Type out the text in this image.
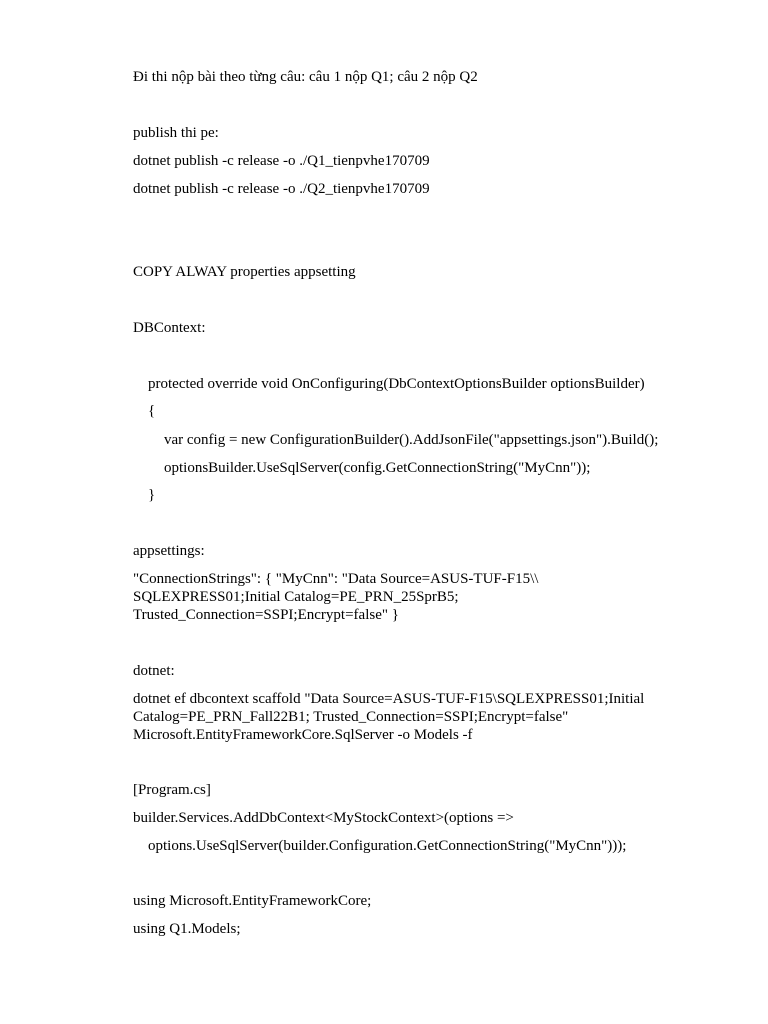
Đi thi nộp bài theo từng câu: câu 1 nộp Q1; câu 2 nộp Q2
publish thi pe:
dotnet publish -c release -o ./Q1_tienpvhe170709
dotnet publish -c release -o ./Q2_tienpvhe170709
COPY ALWAY properties appsetting
DBContext:
protected override void OnConfiguring(DbContextOptionsBuilder optionsBuilder)
{
var config = new ConfigurationBuilder().AddJsonFile("appsettings.json").Build();
optionsBuilder.UseSqlServer(config.GetConnectionString("MyCnn"));
}
appsettings:
"ConnectionStrings": { "MyCnn": "Data Source=ASUS-TUF-F15\\
SQLEXPRESS01;Initial Catalog=PE_PRN_25SprB5;
Trusted_Connection=SSPI;Encrypt=false" }
dotnet:
dotnet ef dbcontext scaffold "Data Source=ASUS-TUF-F15\SQLEXPRESS01;Initial
Catalog=PE_PRN_Fall22B1; Trusted_Connection=SSPI;Encrypt=false"
Microsoft.EntityFrameworkCore.SqlServer -o Models -f
[Program.cs]
builder.Services.AddDbContext<MyStockContext>(options =>
options.UseSqlServer(builder.Configuration.GetConnectionString("MyCnn")));
using Microsoft.EntityFrameworkCore;
using Q1.Models;
